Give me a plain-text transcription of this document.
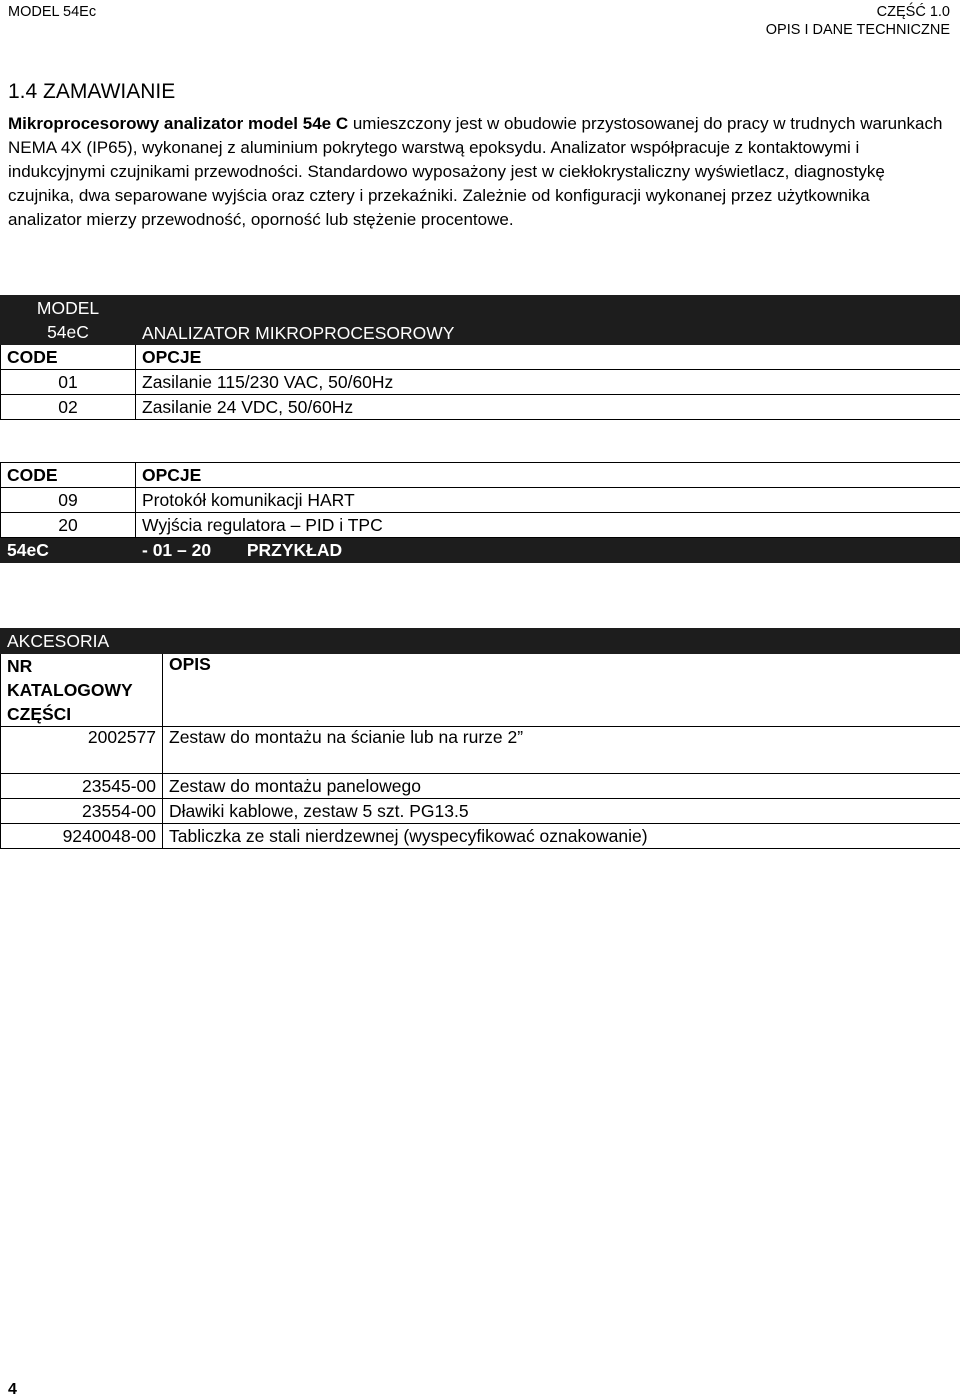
MODEL 54Ec	CZĘŚĆ 1.0
OPIS I DANE TECHNICZNE
1.4 ZAMAWIANIE

Mikroprocesorowy analizator model 54e C umieszczony jest w obudowie przystosowanej do pracy w trudnych warunkach NEMA 4X (IP65), wykonanej z aluminium pokrytego warstwą epoksydu. Analizator współpracuje z kontaktowymi i indukcyjnymi czujnikami przewodności. Standardowo wyposażony jest w ciekłokrystaliczny wyświetlacz, diagnostykę czujnika, dwa separowane wyjścia oraz cztery i przekaźniki. Zależnie od konfiguracji wykonanej przez użytkownika analizator mierzy przewodność, oporność lub stężenie procentowe.

MODEL
54eC	ANALIZATOR MIKROPROCESOROWY
CODE	OPCJE
01	Zasilanie 115/230 VAC, 50/60Hz
02	Zasilanie 24 VDC, 50/60Hz
CODE	OPCJE
09	Protokół komunikacji HART
20	Wyjścia regulatora – PID i TPC
54eC	- 01 – 20 PRZYKŁAD
AKCESORIA	
NR KATALOGOWY CZĘŚCI	OPIS
2002577	Zestaw do montażu na ścianie lub na rurze 2”
23545-00	Zestaw do montażu panelowego
23554-00	Dławiki kablowe, zestaw 5 szt. PG13.5
9240048-00	Tabliczka ze stali nierdzewnej (wyspecyfikować oznakowanie)
4
